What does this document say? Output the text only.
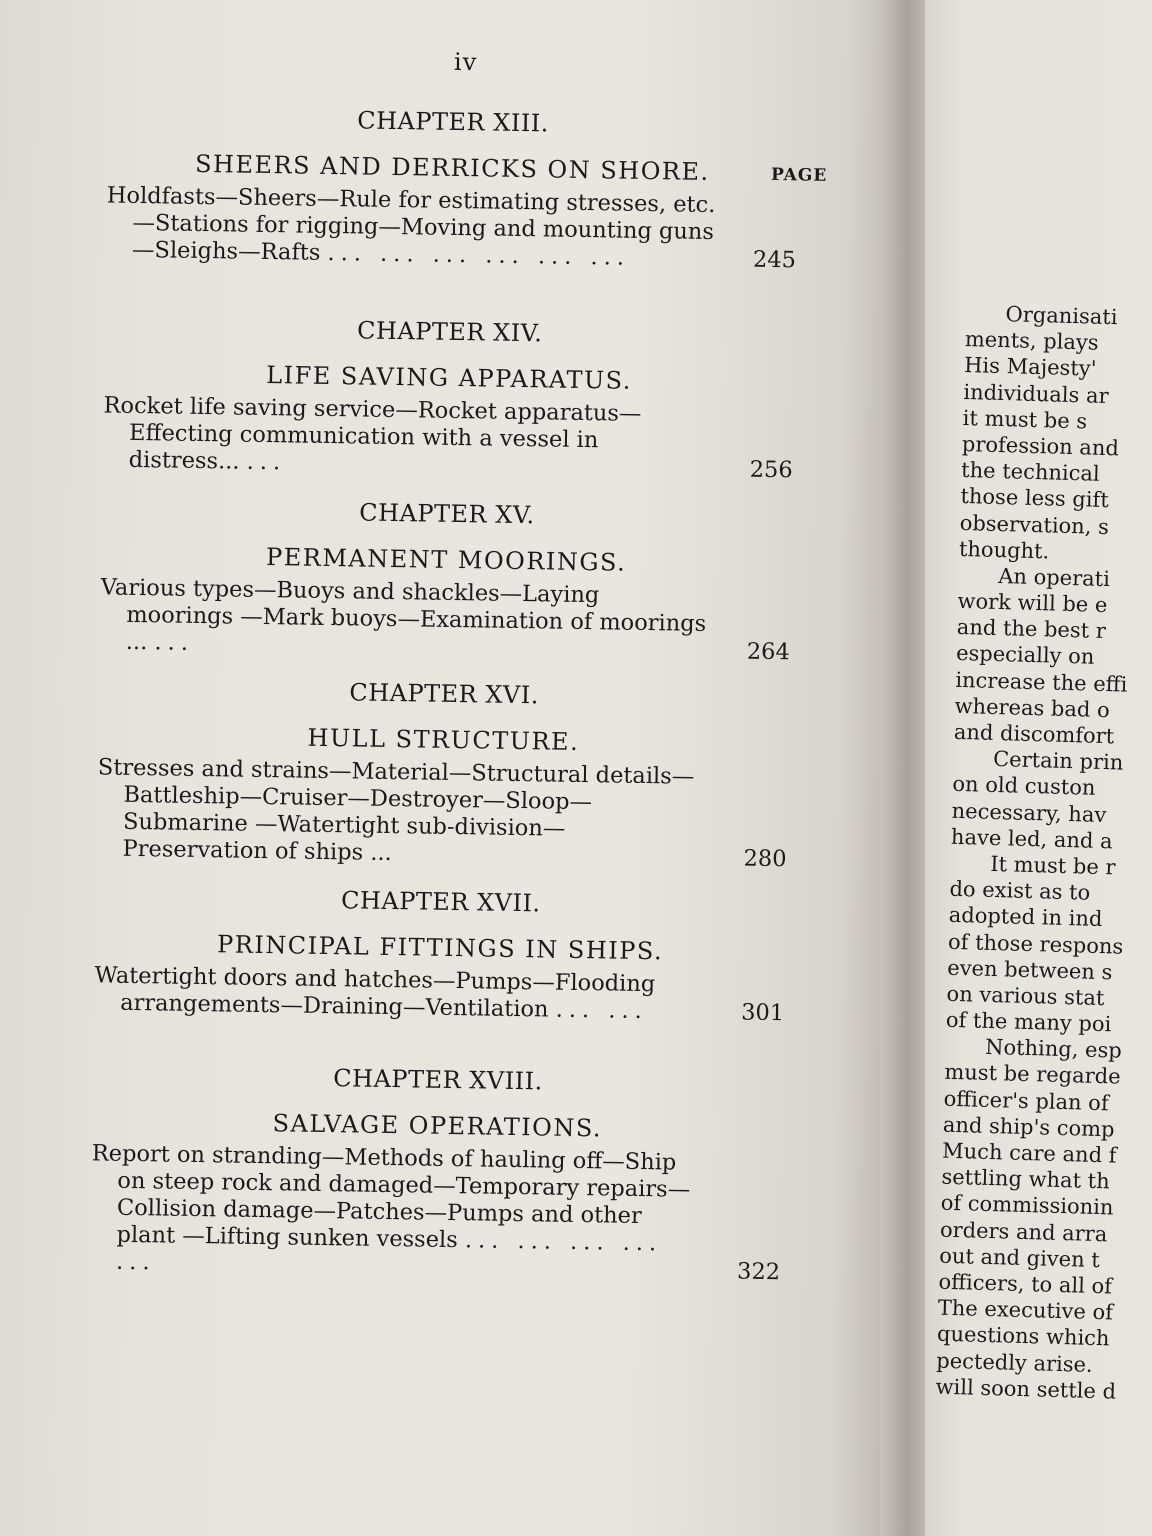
iv
CHAPTER XIII.
PAGE
SHEERS AND DERRICKS ON SHORE.
Holdfasts—Sheers—Rule for estimating stresses, etc.—Stations for rigging—Moving and mounting guns—Sleighs—Rafts ... ... ... ... ... ...	245
CHAPTER XIV.
LIFE SAVING APPARATUS.
Rocket life saving service—Rocket apparatus—Effecting communication with a vessel in distress... ...	256
CHAPTER XV.
PERMANENT MOORINGS.
Various types—Buoys and shackles—Laying moorings —Mark buoys—Examination of moorings ... ...	264
CHAPTER XVI.
HULL STRUCTURE.
Stresses and strains—Material—Structural details—Battleship—Cruiser—Destroyer—Sloop—Submarine —Watertight sub-division—Preservation of ships ...	280
CHAPTER XVII.
PRINCIPAL FITTINGS IN SHIPS.
Watertight doors and hatches—Pumps—Flooding arrangements—Draining—Ventilation ... ...	301
CHAPTER XVIII.
SALVAGE OPERATIONS.
Report on stranding—Methods of hauling off—Ship on steep rock and damaged—Temporary repairs—Collision damage—Patches—Pumps and other plant —Lifting sunken vessels ... ... ... ... ...	322
Organisati
ments, plays
His Majesty'
individuals ar
it must be s
profession and
the technical
those less gift
observation, s
thought.
An operati
work will be e
and the best r
especially on
increase the effi
whereas bad o
and discomfort
Certain prin
on old custon
necessary, hav
have led, and a
It must be r
do exist as to
adopted in ind
of those respons
even between s
on various stat
of the many poi
Nothing, esp
must be regarde
officer's plan of
and ship's comp
Much care and f
settling what th
of commissionin
orders and arra
out and given t
officers, to all of
The executive of
questions which
pectedly arise.
will soon settle d
